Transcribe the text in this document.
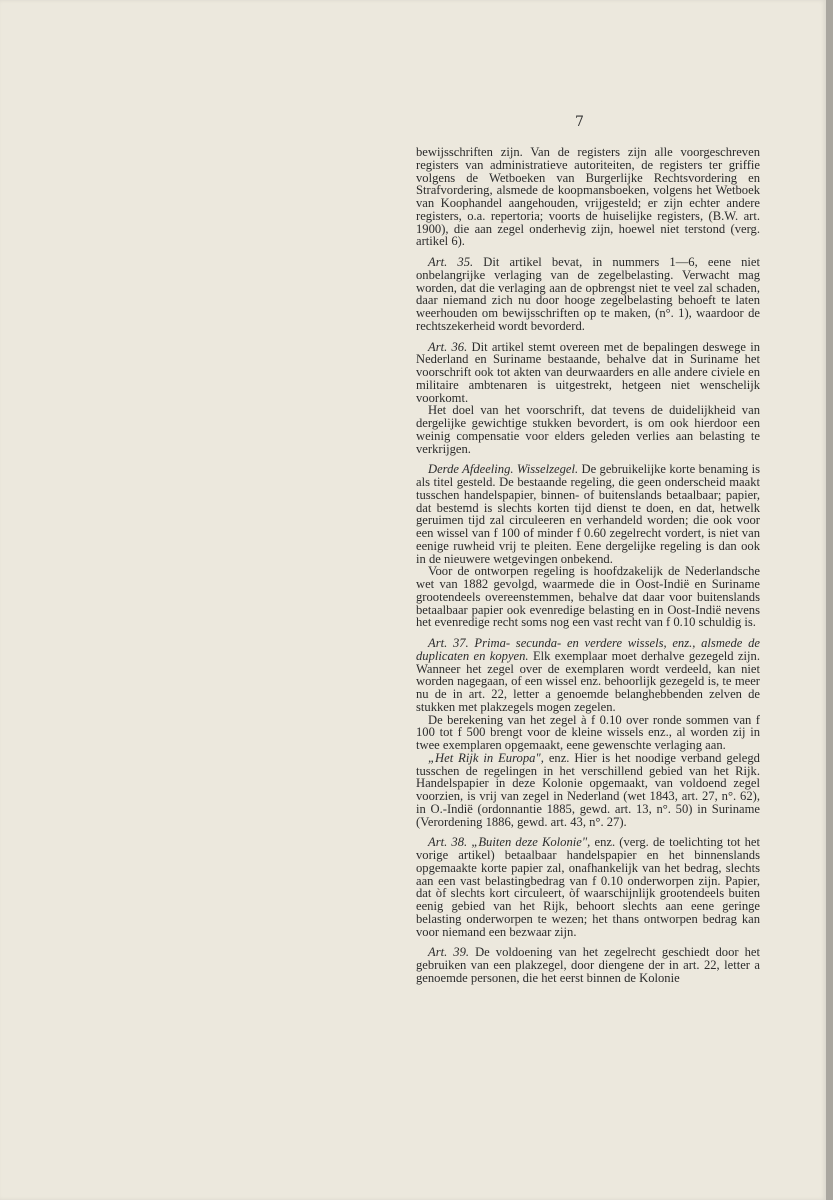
7

bewijsschriften zijn. Van de registers zijn alle voorgeschreven registers van administratieve autoriteiten, de registers ter griffie volgens de Wetboeken van Burgerlijke Rechtsvordering en Strafvordering, alsmede de koopmansboeken, volgens het Wetboek van Koophandel aangehouden, vrijgesteld; er zijn echter andere registers, o.a. repertoria; voorts de huiselijke registers, (B.W. art. 1900), die aan zegel onderhevig zijn, hoewel niet terstond (verg. artikel 6).

Art. 35. Dit artikel bevat, in nummers 1—6, eene niet onbelangrijke verlaging van de zegelbelasting. Verwacht mag worden, dat die verlaging aan de opbrengst niet te veel zal schaden, daar niemand zich nu door hooge zegelbelasting behoeft te laten weerhouden om bewijsschriften op te maken, (n°. 1), waardoor de rechtszekerheid wordt bevorderd.

Art. 36. Dit artikel stemt overeen met de bepalingen deswege in Nederland en Suriname bestaande, behalve dat in Suriname het voorschrift ook tot akten van deurwaarders en alle andere civiele en militaire ambtenaren is uitgestrekt, hetgeen niet wenschelijk voorkomt.

Het doel van het voorschrift, dat tevens de duidelijkheid van dergelijke gewichtige stukken bevordert, is om ook hierdoor een weinig compensatie voor elders geleden verlies aan belasting te verkrijgen.

Derde Afdeeling. Wisselzegel. De gebruikelijke korte benaming is als titel gesteld. De bestaande regeling, die geen onderscheid maakt tusschen handelspapier, binnen- of buitenslands betaalbaar; papier, dat bestemd is slechts korten tijd dienst te doen, en dat, hetwelk geruimen tijd zal circuleeren en verhandeld worden; die ook voor een wissel van f 100 of minder f 0.60 zegelrecht vordert, is niet van eenige ruwheid vrij te pleiten. Eene dergelijke regeling is dan ook in de nieuwere wetgevingen onbekend.

Voor de ontworpen regeling is hoofdzakelijk de Nederlandsche wet van 1882 gevolgd, waarmede die in Oost-Indië en Suriname grootendeels overeenstemmen, behalve dat daar voor buitenslands betaalbaar papier ook evenredige belasting en in Oost-Indië nevens het evenredige recht soms nog een vast recht van f 0.10 schuldig is.

Art. 37. Prima- secunda- en verdere wissels, enz., alsmede de duplicaten en kopyen. Elk exemplaar moet derhalve gezegeld zijn. Wanneer het zegel over de exemplaren wordt verdeeld, kan niet worden nagegaan, of een wissel enz. behoorlijk gezegeld is, te meer nu de in art. 22, letter a genoemde belanghebbenden zelven de stukken met plakzegels mogen zegelen.

De berekening van het zegel à f 0.10 over ronde sommen van f 100 tot f 500 brengt voor de kleine wissels enz., al worden zij in twee exemplaren opgemaakt, eene gewenschte verlaging aan.

„Het Rijk in Europa", enz. Hier is het noodige verband gelegd tusschen de regelingen in het verschillend gebied van het Rijk. Handelspapier in deze Kolonie opgemaakt, van voldoend zegel voorzien, is vrij van zegel in Nederland (wet 1843, art. 27, n°. 62), in O.-Indië (ordonnantie 1885, gewd. art. 13, n°. 50) in Suriname (Verordening 1886, gewd. art. 43, n°. 27).

Art. 38. „Buiten deze Kolonie", enz. (verg. de toelichting tot het vorige artikel) betaalbaar handelspapier en het binnenslands opgemaakte korte papier zal, onafhankelijk van het bedrag, slechts aan een vast belastingbedrag van f 0.10 onderworpen zijn. Papier, dat òf slechts kort circuleert, òf waarschijnlijk grootendeels buiten eenig gebied van het Rijk, behoort slechts aan eene geringe belasting onderworpen te wezen; het thans ontworpen bedrag kan voor niemand een bezwaar zijn.

Art. 39. De voldoening van het zegelrecht geschiedt door het gebruiken van een plakzegel, door diengene der in art. 22, letter a genoemde personen, die het eerst binnen de Kolonie
